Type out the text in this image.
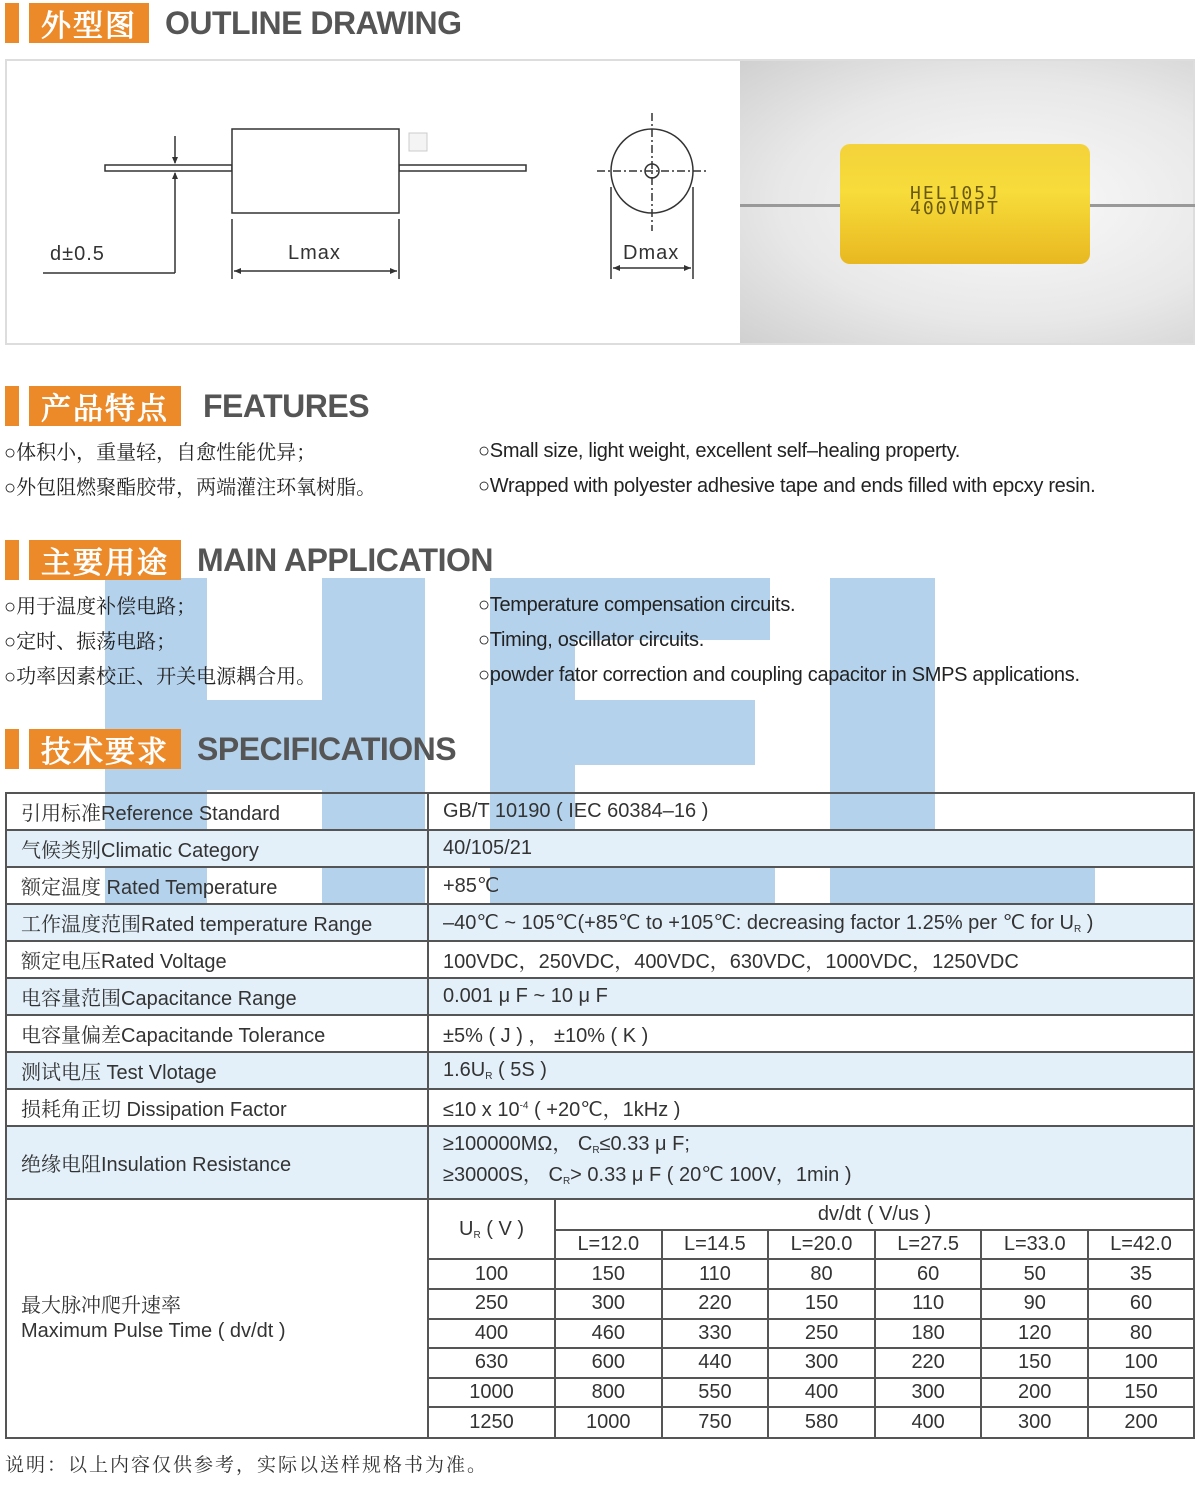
外型图 OUTLINE DRAWING
d±0.5	Lmax	Dmax
HEL105J
400VMPT
产品特点	FEATURES
○体积小，重量轻，自愈性能优异；
○外包阻燃聚酯胶带，两端灌注环氧树脂。
○Small size, light weight, excellent self–healing property.
○Wrapped with polyester adhesive tape and ends filled with epcxy resin.
主要用途 MAIN APPLICATION
○用于温度补偿电路；
○定时、振荡电路；
○功率因素校正、开关电源耦合用。
○Temperature compensation circuits.
○Timing, oscillator circuits.
○powder fator correction and coupling capacitor in SMPS applications.
技术要求 SPECIFICATIONS
引用标准Reference Standard	GB/T 10190 ( IEC 60384–16 )
气候类别Climatic Category	40/105/21
额定温度 Rated Temperature	+85℃
工作温度范围Rated temperature Range	–40℃ ~ 105℃(+85℃ to +105℃: decreasing factor 1.25% per ℃ for $U_R$ )
额定电压Rated Voltage	100VDC，250VDC，400VDC，630VDC，1000VDC，1250VDC
电容量范围Capacitance Range	0.001 μ F ~ 10 μ F
电容量偏差Capacitande Tolerance	±5% ( J ) ， ±10% ( K )
测试电压 Test Vlotage	$1.6U_R$ ( 5S )
损耗角正切 Dissipation Factor	≤10 x $10^{-4}$ ( +20℃，1kHz )
绝缘电阻Insulation Resistance	
≥100000MΩ， $C_R\le 0.33$ μ F;
≥30000S， $C_R> 0.33$ μ F ( 20℃ 100V，1min )

最大脉冲爬升速率
Maximum Pulse Time ( dv/dt )

$U_R$ ( V )	dv/dt ( V/us )
L=12.0	L=14.5	L=20.0	L=27.5	L=33.0	L=42.0
100	150	110	80	60	50	35
250	300	220	150	110	90	60
400	460	330	250	180	120	80
630	600	440	300	220	150	100
1000	800	550	400	300	200	150
1250	1000	750	580	400	300	200
说明：以上内容仅供参考，实际以送样规格书为准。
